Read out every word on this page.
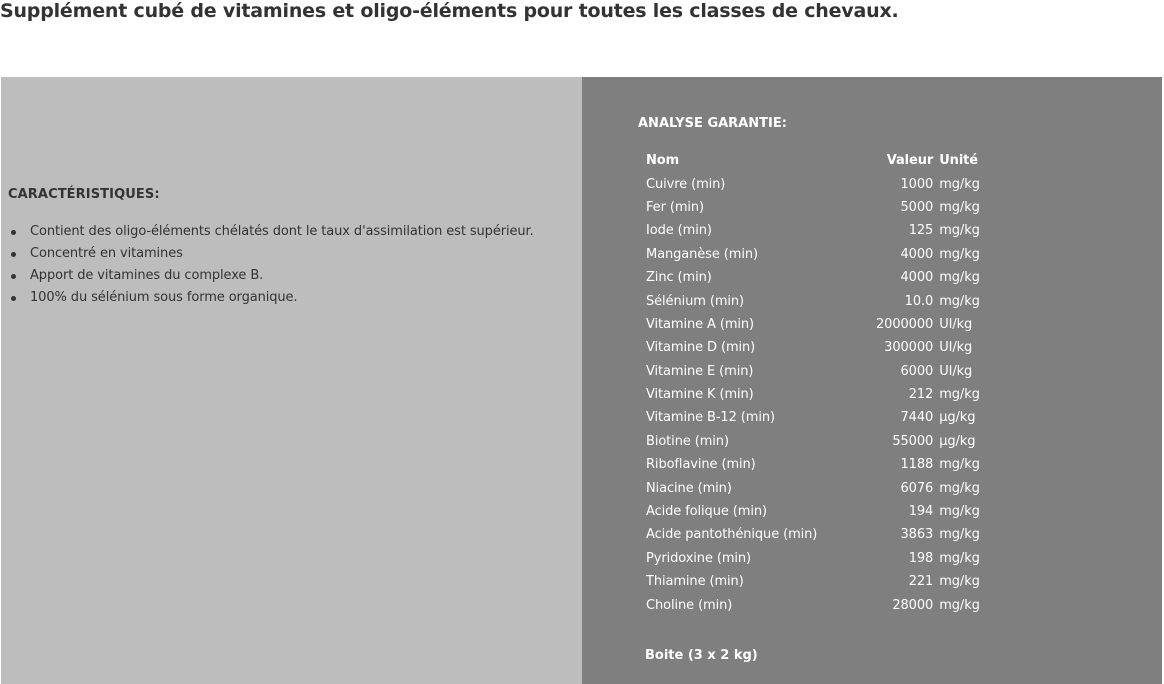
Supplément cubé de vitamines et oligo-éléments pour toutes les classes de chevaux.
CARACTÉRISTIQUES:
Contient des oligo-éléments chélatés dont le taux d'assimilation est supérieur.
Concentré en vitamines
Apport de vitamines du complexe B.
100% du sélénium sous forme organique.
ANALYSE GARANTIE:
Nom	Valeur	Unité
Cuivre (min)	1000	mg/kg
Fer (min)	5000	mg/kg
Iode (min)	125	mg/kg
Manganèse (min)	4000	mg/kg
Zinc (min)	4000	mg/kg
Sélénium (min)	10.0	mg/kg
Vitamine A (min)	2000000	UI/kg
Vitamine D (min)	300000	UI/kg
Vitamine E (min)	6000	UI/kg
Vitamine K (min)	212	mg/kg
Vitamine B-12 (min)	7440	µg/kg
Biotine (min)	55000	µg/kg
Riboflavine (min)	1188	mg/kg
Niacine (min)	6076	mg/kg
Acide folique (min)	194	mg/kg
Acide pantothénique (min)	3863	mg/kg
Pyridoxine (min)	198	mg/kg
Thiamine (min)	221	mg/kg
Choline (min)	28000	mg/kg

Boite (3 x 2 kg)
